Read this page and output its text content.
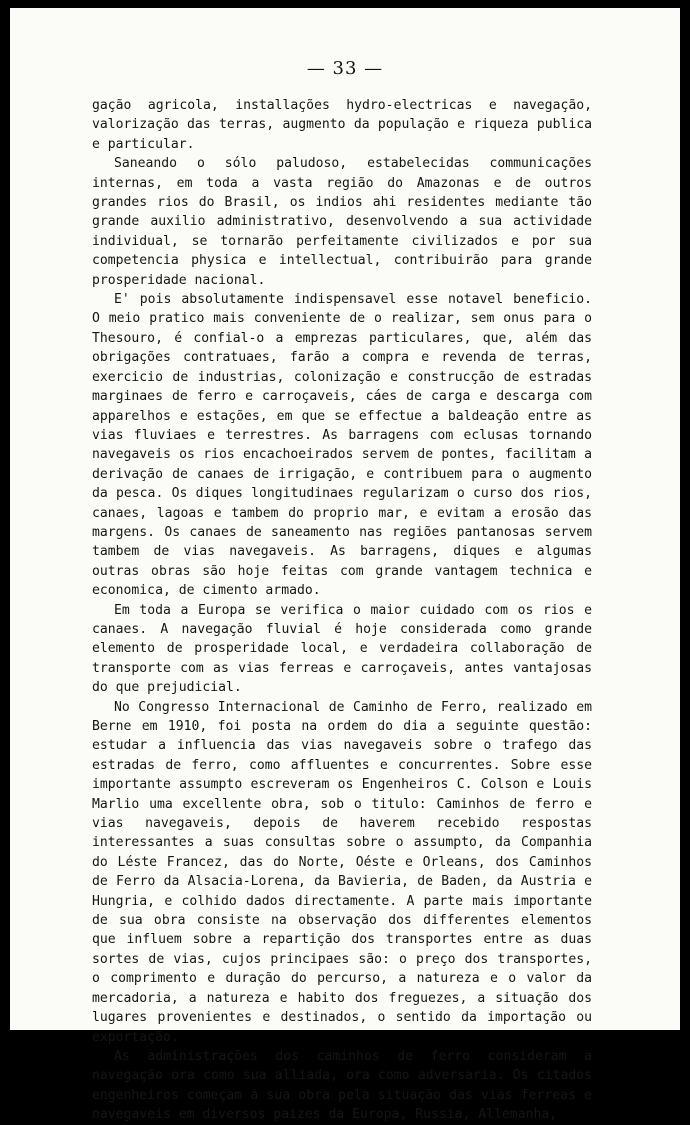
— 33 —

gação agricola, installações hydro-electricas e navegação, valorização das terras, augmento da população e riqueza publica e particular.

Saneando o sólo paludoso, estabelecidas communicações internas, em toda a vasta região do Amazonas e de outros grandes rios do Brasil, os indios ahi residentes mediante tão grande auxilio administrativo, desenvolvendo a sua actividade individual, se tornarão perfeitamente civilizados e por sua competencia physica e intellectual, contribuirão para grande prosperidade nacional.

E' pois absolutamente indispensavel esse notavel beneficio. O meio pratico mais conveniente de o realizar, sem onus para o Thesouro, é confial-o a emprezas particulares, que, além das obrigações contratuaes, farão a compra e revenda de terras, exercicio de industrias, colonização e construcção de estradas marginaes de ferro e carroçaveis, cáes de carga e descarga com apparelhos e estações, em que se effectue a baldeação entre as vias fluviaes e terrestres. As barragens com eclusas tornando navegaveis os rios encachoeirados servem de pontes, facilitam a derivação de canaes de irrigação, e contribuem para o augmento da pesca. Os diques longitudinaes regularizam o curso dos rios, canaes, lagoas e tambem do proprio mar, e evitam a erosão das margens. Os canaes de saneamento nas regiões pantanosas servem tambem de vias navegaveis. As barragens, diques e algumas outras obras são hoje feitas com grande vantagem technica e economica, de cimento armado.

Em toda a Europa se verifica o maior cuidado com os rios e canaes. A navegação fluvial é hoje considerada como grande elemento de prosperidade local, e verdadeira collaboração de transporte com as vias ferreas e carroçaveis, antes vantajosas do que prejudicial.

No Congresso Internacional de Caminho de Ferro, realizado em Berne em 1910, foi posta na ordem do dia a seguinte questão: estudar a influencia das vias navegaveis sobre o trafego das estradas de ferro, como affluentes e concurrentes. Sobre esse importante assumpto escreveram os Engenheiros C. Colson e Louis Marlio uma excellente obra, sob o titulo: Caminhos de ferro e vias navegaveis, depois de haverem recebido respostas interessantes a suas consultas sobre o assumpto, da Companhia do Léste Francez, das do Norte, Oéste e Orleans, dos Caminhos de Ferro da Alsacia-Lorena, da Bavieria, de Baden, da Austria e Hungria, e colhido dados directamente. A parte mais importante de sua obra consiste na observação dos differentes elementos que influem sobre a repartição dos transportes entre as duas sortes de vias, cujos principaes são: o preço dos transportes, o comprimento e duração do percurso, a natureza e o valor da mercadoria, a natureza e habito dos freguezes, a situação dos lugares provenientes e destinados, o sentido da importação ou exportação.

As administrações dos caminhos de ferro consideram a navegação ora como sua alliada, ora como adversaria. Os citados engenheiros começam a sua obra pela situação das vias ferreas e navegaveis em diversos paizes da Europa, Russia, Allemanha,
